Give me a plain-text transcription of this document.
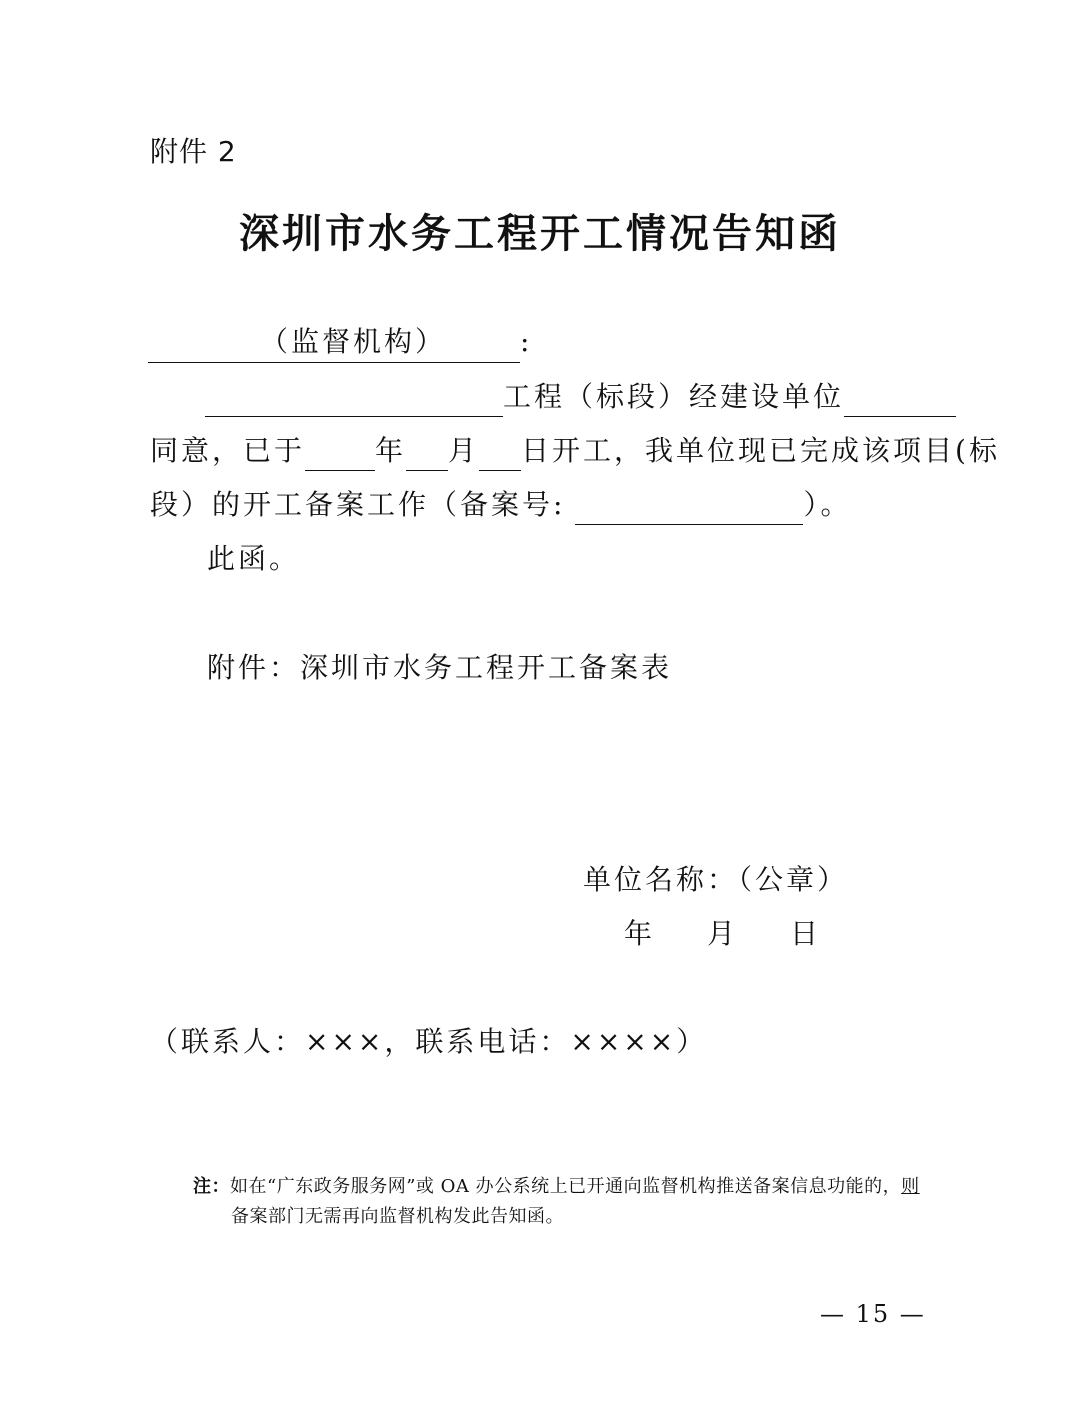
附件 2
深圳市水务工程开工情况告知函
（监督机构）	:
工程（标段）经建设单位
同意，已于	年 月 日开工，我单位现已完成该项目(标
段）的开工备案工作（备案号:	）。
此函。
附件：深圳市水务工程开工备案表
单位名称：（公章）
年 月 日
（联系人：×××，联系电话：××××）
注：如在“广东政务服务网”或 OA 办公系统上已开通向监督机构推送备案信息功能的，则
备案部门无需再向监督机构发此告知函。
— 15 —
